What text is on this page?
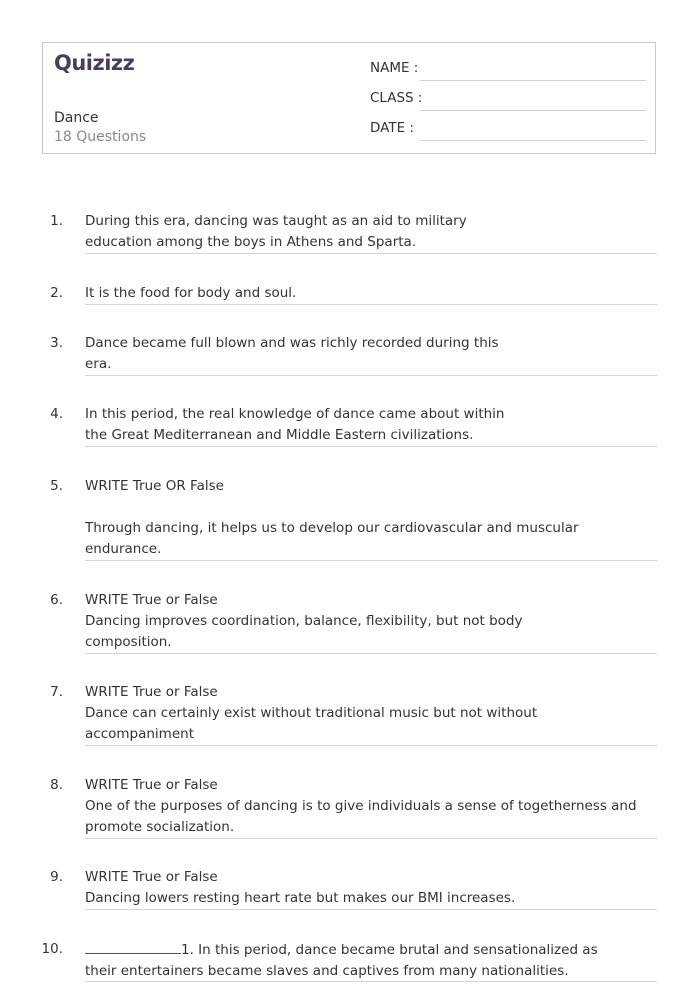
Quizizz
Dance
18 Questions
NAME :
CLASS :
DATE :
1. During this era, dancing was taught as an aid to military

education among the boys in Athens and Sparta.

2. It is the food for body and soul.

3. Dance became full blown and was richly recorded during this

era.

4. In this period, the real knowledge of dance came about within

the Great Mediterranean and Middle Eastern civilizations.

5. WRITE True OR False

Through dancing, it helps us to develop our cardiovascular and muscular

endurance.

6. WRITE True or False

Dancing improves coordination, balance, flexibility, but not body

composition.

7. WRITE True or False

Dance can certainly exist without traditional music but not without

accompaniment

8. WRITE True or False

One of the purposes of dancing is to give individuals a sense of togetherness and

promote socialization.

9. WRITE True or False

Dancing lowers resting heart rate but makes our BMI increases.

10.	1. In this period, dance became brutal and sensationalized as

their entertainers became slaves and captives from many nationalities.
